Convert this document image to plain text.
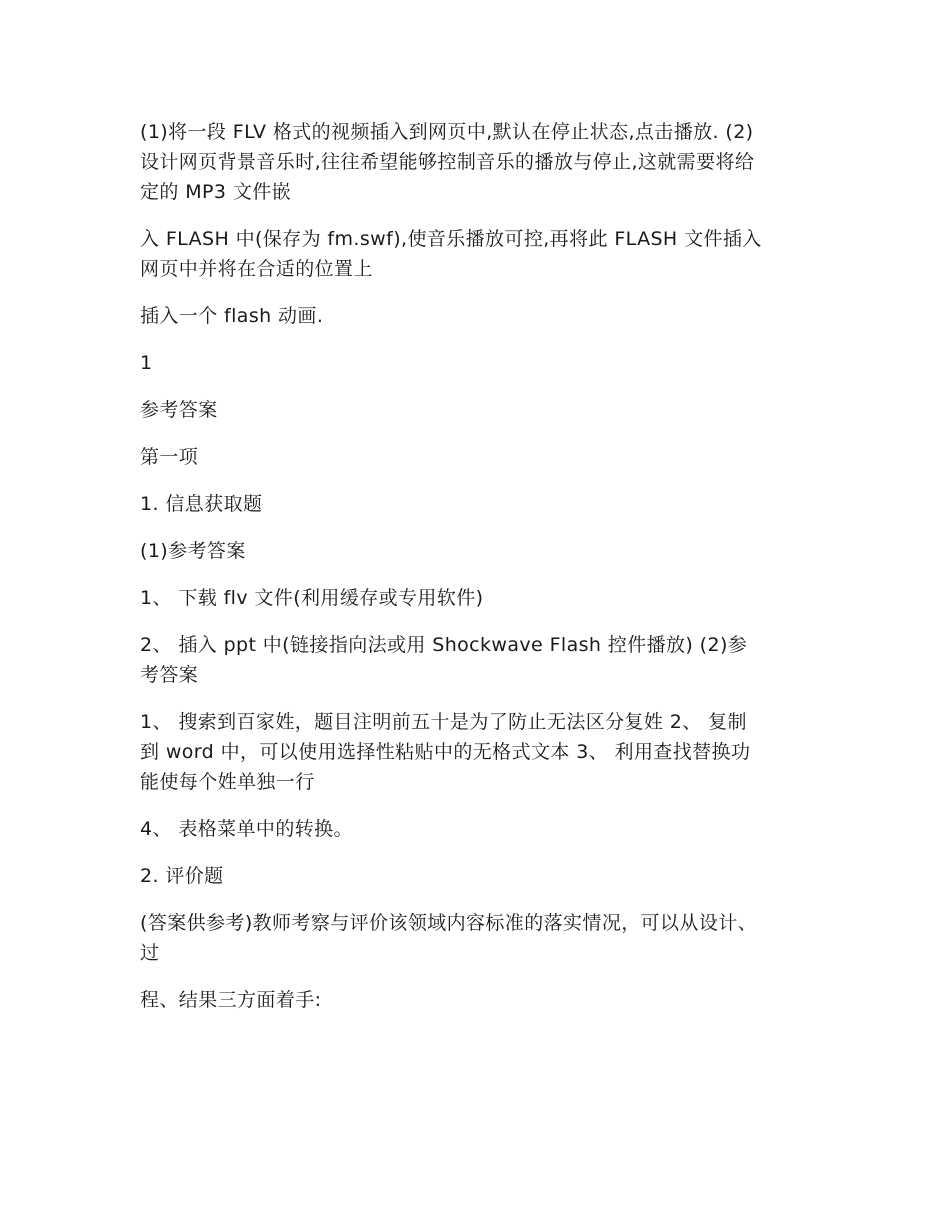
(1)将一段 FLV 格式的视频插入到网页中,默认在停止状态,点击播放. (2)
设计网页背景音乐时,往往希望能够控制音乐的播放与停止,这就需要将给
定的 MP3 文件嵌

入 FLASH 中(保存为 fm.swf),使音乐播放可控,再将此 FLASH 文件插入
网页中并将在合适的位置上

插入一个 flash 动画.

1

参考答案

第一项

1. 信息获取题

(1)参考答案

1、 下载 flv 文件(利用缓存或专用软件)

2、 插入 ppt 中(链接指向法或用 Shockwave Flash 控件播放) (2)参
考答案

1、 搜索到百家姓，题目注明前五十是为了防止无法区分复姓 2、 复制
到 word 中，可以使用选择性粘贴中的无格式文本 3、 利用查找替换功
能使每个姓单独一行

4、 表格菜单中的转换。

2. 评价题

(答案供参考)教师考察与评价该领域内容标准的落实情况，可以从设计、
过

程、结果三方面着手:
